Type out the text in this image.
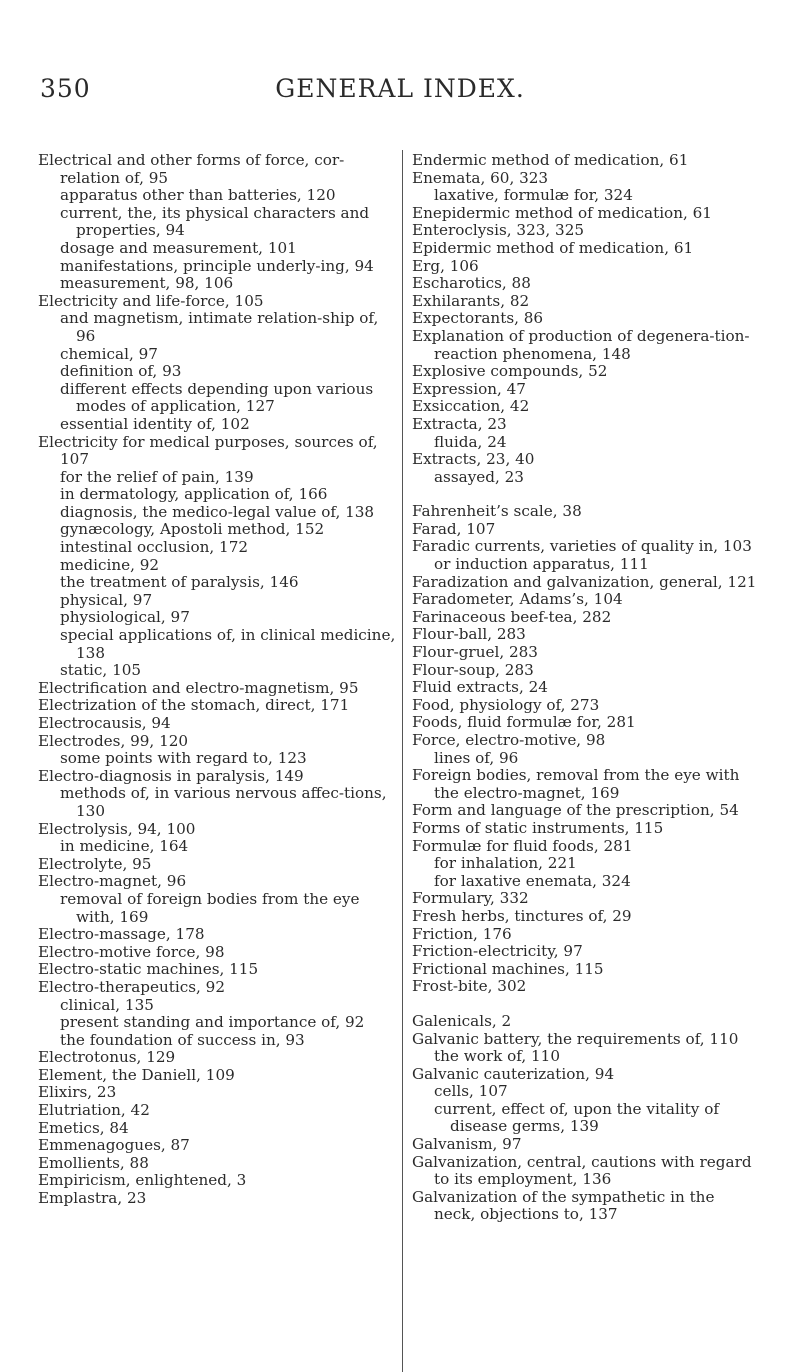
350	GENERAL INDEX.

Electrical and other forms of force, cor-relation of, 95

apparatus other than batteries, 120

current, the, its physical characters and properties, 94

dosage and measurement, 101

manifestations, principle underly-ing, 94

measurement, 98, 106

Electricity and life-force, 105

and magnetism, intimate relation-ship of, 96

chemical, 97

definition of, 93

different effects depending upon various modes of application, 127

essential identity of, 102

Electricity for medical purposes, sources of, 107

for the relief of pain, 139

in dermatology, application of, 166

diagnosis, the medico-legal value of, 138

gynæcology, Apostoli method, 152

intestinal occlusion, 172

medicine, 92

the treatment of paralysis, 146

physical, 97

physiological, 97

special applications of, in clinical medicine, 138

static, 105

Electrification and electro-magnetism, 95

Electrization of the stomach, direct, 171

Electrocausis, 94

Electrodes, 99, 120

some points with regard to, 123

Electro-diagnosis in paralysis, 149

methods of, in various nervous affec-tions, 130

Electrolysis, 94, 100

in medicine, 164

Electrolyte, 95

Electro-magnet, 96

removal of foreign bodies from the eye with, 169

Electro-massage, 178

Electro-motive force, 98

Electro-static machines, 115

Electro-therapeutics, 92

clinical, 135

present standing and importance of, 92

the foundation of success in, 93

Electrotonus, 129

Element, the Daniell, 109

Elixirs, 23

Elutriation, 42

Emetics, 84

Emmenagogues, 87

Emollients, 88

Empiricism, enlightened, 3

Emplastra, 23

Endermic method of medication, 61

Enemata, 60, 323

laxative, formulæ for, 324

Enepidermic method of medication, 61

Enteroclysis, 323, 325

Epidermic method of medication, 61

Erg, 106

Escharotics, 88

Exhilarants, 82

Expectorants, 86

Explanation of production of degenera-tion-reaction phenomena, 148

Explosive compounds, 52

Expression, 47

Exsiccation, 42

Extracta, 23

fluida, 24

Extracts, 23, 40

assayed, 23

Fahrenheit’s scale, 38

Farad, 107

Faradic currents, varieties of quality in, 103

or induction apparatus, 111

Faradization and galvanization, general, 121

Faradometer, Adams’s, 104

Farinaceous beef-tea, 282

Flour-ball, 283

Flour-gruel, 283

Flour-soup, 283

Fluid extracts, 24

Food, physiology of, 273

Foods, fluid formulæ for, 281

Force, electro-motive, 98

lines of, 96

Foreign bodies, removal from the eye with the electro-magnet, 169

Form and language of the prescription, 54

Forms of static instruments, 115

Formulæ for fluid foods, 281

for inhalation, 221

for laxative enemata, 324

Formulary, 332

Fresh herbs, tinctures of, 29

Friction, 176

Friction-electricity, 97

Frictional machines, 115

Frost-bite, 302

Galenicals, 2

Galvanic battery, the requirements of, 110

the work of, 110

Galvanic cauterization, 94

cells, 107

current, effect of, upon the vitality of disease germs, 139

Galvanism, 97

Galvanization, central, cautions with regard to its employment, 136

Galvanization of the sympathetic in the neck, objections to, 137
